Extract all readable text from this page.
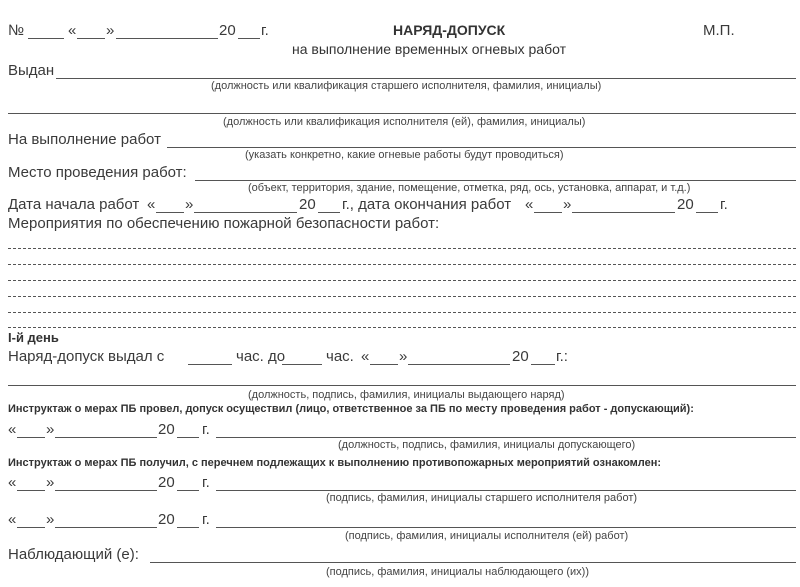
№	« »	20 г.	НАРЯД-ДОПУСК
на выполнение временных огневых работ
М.П.
Выдан
(должность или квалификация старшего исполнителя, фамилия, инициалы)
(должность или квалификация исполнителя (ей), фамилия, инициалы)
На выполнение работ
(указать конкретно, какие огневые работы будут проводиться)
Место проведения работ:
(объект, территория, здание, помещение, отметка, ряд, ось, установка, аппарат, и т.д.)
Дата начала работ « »	20 г., дата окончания работ « »	20 г.
Мероприятия по обеспечению пожарной безопасности работ:
I-й день
Наряд-допуск выдал с	час. до	час. « »	20 г.:
(должность, подпись, фамилия, инициалы выдающего наряд)
Инструктаж о мерах ПБ провел, допуск осуществил (лицо, ответственное за ПБ по месту проведения работ - допускающий):
« »	20 г.
(должность, подпись, фамилия, инициалы допускающего)
Инструктаж о мерах ПБ получил, с перечнем подлежащих к выполнению противопожарных мероприятий ознакомлен:
« »	20 г.
(подпись, фамилия, инициалы старшего исполнителя работ)
« »	20 г.
(подпись, фамилия, инициалы исполнителя (ей) работ)
Наблюдающий (е):
(подпись, фамилия, инициалы наблюдающего (их))
